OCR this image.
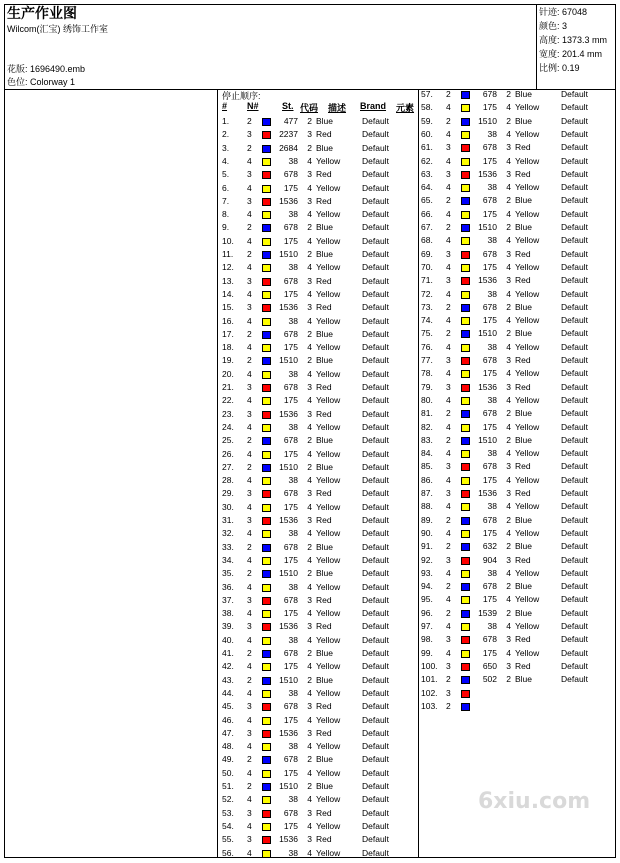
生产作业图
Wilcom(汇宝) 绣饰工作室
花版: 1696490.emb
色位: Colorway 1
针迹: 67048
颜色: 3
高度: 1373.3 mm
宽度: 201.4 mm
比例: 0.19
停止顺序:
# N#	St. 代码 描述 Brand 元素
1. 2	477	2 Blue	Default
2. 3	2237	3 Red	Default
3. 2	2684	2 Blue	Default
4. 4	38	4 Yellow	Default
5. 3	678	3 Red	Default
6. 4	175	4 Yellow	Default
7. 3	1536	3 Red	Default
8. 4	38	4 Yellow	Default
9. 2	678	2 Blue	Default
10. 4	175	4 Yellow	Default
11. 2	1510	2 Blue	Default
12. 4	38	4 Yellow	Default
13. 3	678	3 Red	Default
14. 4	175	4 Yellow	Default
15. 3	1536	3 Red	Default
16. 4	38	4 Yellow	Default
17. 2	678	2 Blue	Default
18. 4	175	4 Yellow	Default
19. 2	1510	2 Blue	Default
20. 4	38	4 Yellow	Default
21. 3	678	3 Red	Default
22. 4	175	4 Yellow	Default
23. 3	1536	3 Red	Default
24. 4	38	4 Yellow	Default
25. 2	678	2 Blue	Default
26. 4	175	4 Yellow	Default
27. 2	1510	2 Blue	Default
28. 4	38	4 Yellow	Default
29. 3	678	3 Red	Default
30. 4	175	4 Yellow	Default
31. 3	1536	3 Red	Default
32. 4	38	4 Yellow	Default
33. 2	678	2 Blue	Default
34. 4	175	4 Yellow	Default
35. 2	1510	2 Blue	Default
36. 4	38	4 Yellow	Default
37. 3	678	3 Red	Default
38. 4	175	4 Yellow	Default
39. 3	1536	3 Red	Default
40. 4	38	4 Yellow	Default
41. 2	678	2 Blue	Default
42. 4	175	4 Yellow	Default
43. 2	1510	2 Blue	Default
44. 4	38	4 Yellow	Default
45. 3	678	3 Red	Default
46. 4	175	4 Yellow	Default
47. 3	1536	3 Red	Default
48. 4	38	4 Yellow	Default
49. 2	678	2 Blue	Default
50. 4	175	4 Yellow	Default
51. 2	1510	2 Blue	Default
52. 4	38	4 Yellow	Default
53. 3	678	3 Red	Default
54. 4	175	4 Yellow	Default
55. 3	1536	3 Red	Default
56. 4	38	4 Yellow	Default
57. 2	678	2 Blue	Default
58. 4	175	4 Yellow	Default
59. 2	1510	2 Blue	Default
60. 4	38	4 Yellow	Default
61. 3	678	3 Red	Default
62. 4	175	4 Yellow	Default
63. 3	1536	3 Red	Default
64. 4	38	4 Yellow	Default
65. 2	678	2 Blue	Default
66. 4	175	4 Yellow	Default
67. 2	1510	2 Blue	Default
68. 4	38	4 Yellow	Default
69. 3	678	3 Red	Default
70. 4	175	4 Yellow	Default
71. 3	1536	3 Red	Default
72. 4	38	4 Yellow	Default
73. 2	678	2 Blue	Default
74. 4	175	4 Yellow	Default
75. 2	1510	2 Blue	Default
76. 4	38	4 Yellow	Default
77. 3	678	3 Red	Default
78. 4	175	4 Yellow	Default
79. 3	1536	3 Red	Default
80. 4	38	4 Yellow	Default
81. 2	678	2 Blue	Default
82. 4	175	4 Yellow	Default
83. 2	1510	2 Blue	Default
84. 4	38	4 Yellow	Default
85. 3	678	3 Red	Default
86. 4	175	4 Yellow	Default
87. 3	1536	3 Red	Default
88. 4	38	4 Yellow	Default
89. 2	678	2 Blue	Default
90. 4	175	4 Yellow	Default
91. 2	632	2 Blue	Default
92. 3	904	3 Red	Default
93. 4	38	4 Yellow	Default
94. 2	678	2 Blue	Default
95. 4	175	4 Yellow	Default
96. 2	1539	2 Blue	Default
97. 4	38	4 Yellow	Default
98. 3	678	3 Red	Default
99. 4	175	4 Yellow	Default
100. 3	650	3 Red	Default
101. 2	502	2 Blue	Default
102. 3
103. 2
6xiu.com
